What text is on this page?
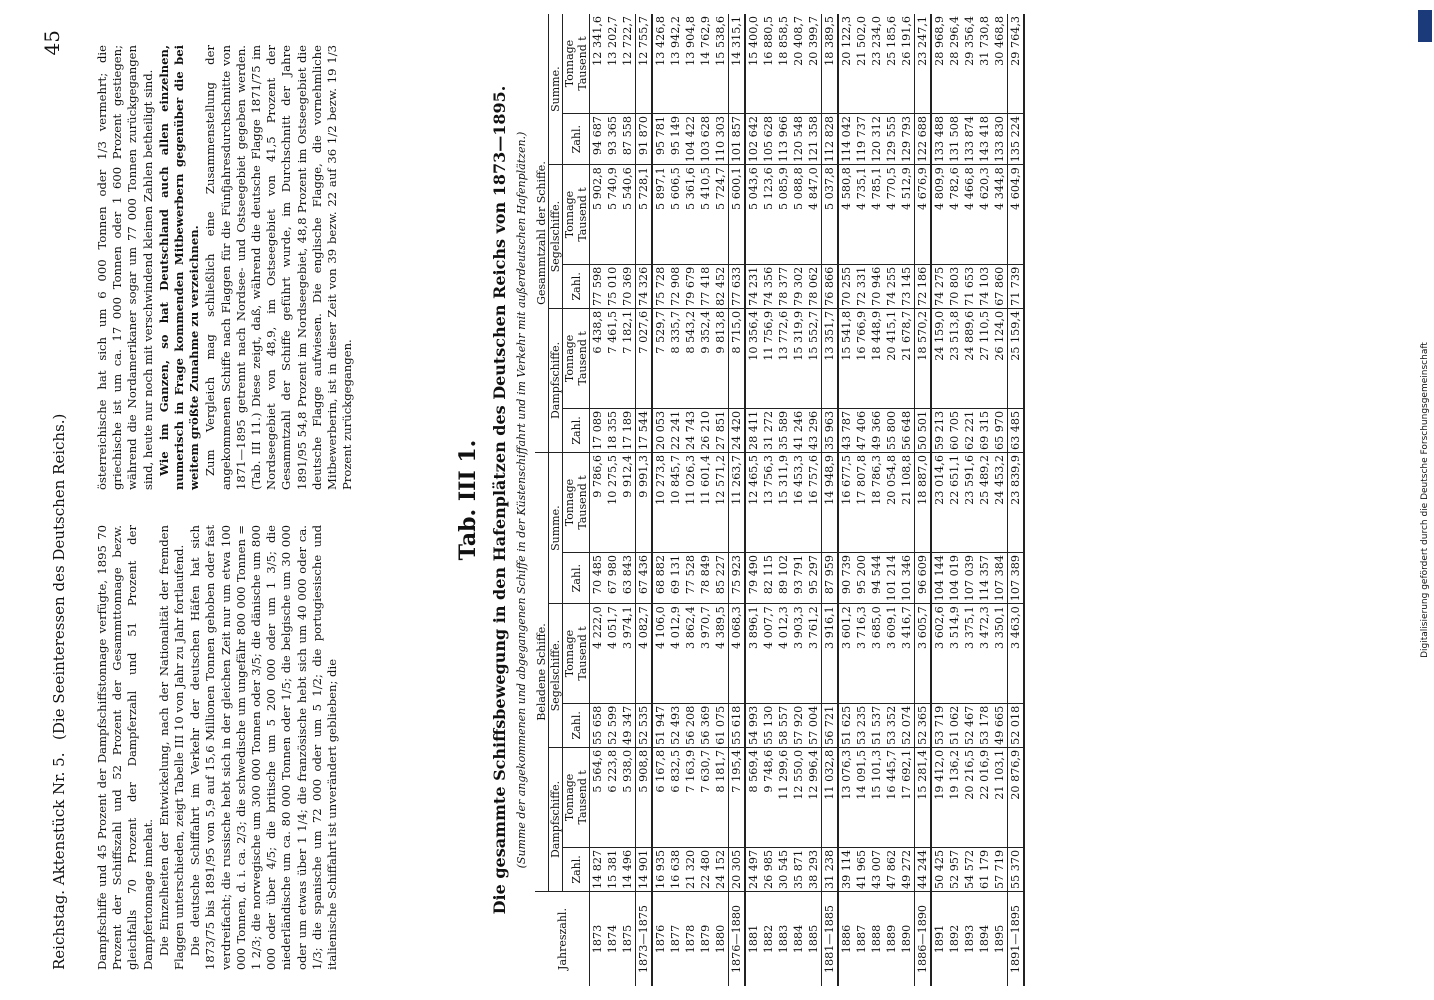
Reichstag. Aktenstück Nr. 5.
(Die Seeinteressen des Deutschen Reichs.)
45

Dampfschiffe und 45 Prozent der Dampfschiffstonnage verfügte, 1895 70 Prozent der Schiffszahl und 52 Prozent der Gesammttonnage bezw. gleichfalls 70 Prozent der Dampferzahl und 51 Prozent der Dampfertonnage innehat. Die Einzelheiten der Entwickelung, nach der Nationalität der fremden Flaggen unterschieden, zeigt Tabelle III 10 von Jahr zu Jahr fortlaufend. Die deutsche Schiffahrt im Verkehr der deutschen Häfen hat sich 1873/75 bis 1891/95 von 5,9 auf 15,6 Millionen Tonnen gehoben oder fast verdreifacht; die russische hebt sich in der gleichen Zeit nur um etwa 100 000 Tonnen, d. i. ca. 2/3; die schwedische um ungefähr 800 000 Tonnen = 1 2/3; die norwegische um 300 000 Tonnen oder 3/5; die dänische um 800 000 oder über 4/5; die britische um 5 200 000 oder um 1 3/5; die niederländische um ca. 80 000 Tonnen oder 1/5; die belgische um 30 000 oder um etwas über 1 1/4; die französische hebt sich um 40 000 oder ca. 1/3; die spanische um 72 000 oder um 5 1/2; die portugiesische und italienische Schiffahrt ist unverändert geblieben; die

österreichische hat sich um 6 000 Tonnen oder 1/3 vermehrt; die griechische ist um ca. 17 000 Tonnen oder 1 600 Prozent gestiegen; während die Nordamerikaner sogar um 77 000 Tonnen zurückgegangen sind, heute nur noch mit verschwindend kleinen Zahlen betheiligt sind. Wie im Ganzen, so hat Deutschland auch allen einzelnen, numerisch in Frage kommenden Mitbewerbern gegenüber die bei weitem größte Zunahme zu verzeichnen. Zum Vergleich mag schließlich eine Zusammenstellung der angekommenen Schiffe nach Flaggen für die Fünfjahresdurchschnitte von 1871—1895 getrennt nach Nordsee- und Ostseegebiet gegeben werden. (Tab. III 11.) Diese zeigt, daß, während die deutsche Flagge 1871/75 im Nordseegebiet von 48,9, im Ostseegebiet von 41,5 Prozent der Gesammtzahl der Schiffe geführt wurde, im Durchschnitt der Jahre 1891/95 54,8 Prozent im Nordseegebiet, 48,8 Prozent im Ostseegebiet die deutsche Flagge aufwiesen. Die englische Flagge, die vornehmliche Mitbewerberin, ist in dieser Zeit von 39 bezw. 22 auf 36 1/2 bezw. 19 1/3 Prozent zurückgegangen.

Tab. III 1. Die gesammte Schiffsbewegung in den Hafenplätzen des Deutschen Reichs von 1873—1895. (Summe der angekommenen und abgegangenen Schiffe in der Küstenschiffahrt und im Verkehr mit außerdeutschen Hafenplätzen.)
Jahreszahl.	Beladene Schiffe.						Gesammtzahl der Schiffe.					
	Dampfschiffe.		Segelschiffe.		Summe.		Dampfschiffe.		Segelschiffe.		Summe.	
	Zahl.	Tonnage Tausend t	Zahl.	Tonnage Tausend t	Zahl.	Tonnage Tausend t	Zahl.	Tonnage Tausend t	Zahl.	Tonnage Tausend t	Zahl.	Tonnage Tausend t
1873	14 827	5 564,6	55 658	4 222,0	70 485	9 786,6	17 089	6 438,8	77 598	5 902,8	94 687	12 341,6
1874	15 381	6 223,8	52 599	4 051,7	67 980	10 275,5	18 355	7 461,5	75 010	5 740,9	93 365	13 202,7
1875	14 496	5 938,0	49 347	3 974,1	63 843	9 912,4	17 189	7 182,1	70 369	5 540,6	87 558	12 722,7
1873—1875	14 901	5 908,8	52 535	4 082,7	67 436	9 991,3	17 544	7 027,6	74 326	5 728,1	91 870	12 755,7
1876	16 935	6 167,8	51 947	4 106,0	68 882	10 273,8	20 053	7 529,7	75 728	5 897,1	95 781	13 426,8
1877	16 638	6 832,5	52 493	4 012,9	69 131	10 845,7	22 241	8 335,7	72 908	5 606,5	95 149	13 942,2
1878	21 320	7 163,9	56 208	3 862,4	77 528	11 026,3	24 743	8 543,2	79 679	5 361,6	104 422	13 904,8
1879	22 480	7 630,7	56 369	3 970,7	78 849	11 601,4	26 210	9 352,4	77 418	5 410,5	103 628	14 762,9
1880	24 152	8 181,7	61 075	4 389,5	85 227	12 571,2	27 851	9 813,8	82 452	5 724,7	110 303	15 538,6
1876—1880	20 305	7 195,4	55 618	4 068,3	75 923	11 263,7	24 420	8 715,0	77 633	5 600,1	101 857	14 315,1
1881	24 497	8 569,4	54 993	3 896,1	79 490	12 465,5	28 411	10 356,4	74 231	5 043,6	102 642	15 400,0
1882	26 985	9 748,6	55 130	4 007,7	82 115	13 756,3	31 272	11 756,9	74 356	5 123,6	105 628	16 880,5
1883	30 545	11 299,6	58 557	4 012,3	89 102	15 311,9	35 589	13 772,6	78 377	5 085,9	113 966	18 858,5
1884	35 871	12 550,0	57 920	3 903,3	93 791	16 453,3	41 246	15 319,9	79 302	5 088,8	120 548	20 408,7
1885	38 293	12 996,4	57 004	3 761,2	95 297	16 757,6	43 296	15 552,7	78 062	4 847,0	121 358	20 399,7
1881—1885	31 238	11 032,8	56 721	3 916,1	87 959	14 948,9	35 963	13 351,7	76 866	5 037,8	112 828	18 389,5
1886	39 114	13 076,3	51 625	3 601,2	90 739	16 677,5	43 787	15 541,8	70 255	4 580,8	114 042	20 122,3
1887	41 965	14 091,5	53 235	3 716,3	95 200	17 807,8	47 406	16 766,9	72 331	4 735,1	119 737	21 502,0
1888	43 007	15 101,3	51 537	3 685,0	94 544	18 786,3	49 366	18 448,9	70 946	4 785,1	120 312	23 234,0
1889	47 862	16 445,7	53 352	3 609,1	101 214	20 054,8	55 800	20 415,1	74 255	4 770,5	129 555	25 185,6
1890	49 272	17 692,1	52 074	3 416,7	101 346	21 108,8	56 648	21 678,7	73 145	4 512,9	129 793	26 191,6
1886—1890	44 244	15 281,4	52 365	3 605,7	96 609	18 887,0	50 501	18 570,2	72 186	4 676,9	122 688	23 247,1
1891	50 425	19 412,0	53 719	3 602,6	104 144	23 014,6	59 213	24 159,0	74 275	4 809,9	133 488	28 968,9
1892	52 957	19 136,2	51 062	3 514,9	104 019	22 651,1	60 705	23 513,8	70 803	4 782,6	131 508	28 296,4
1893	54 572	20 216,5	52 467	3 375,1	107 039	23 591,6	62 221	24 889,6	71 653	4 466,8	133 874	29 356,4
1894	61 179	22 016,9	53 178	3 472,3	114 357	25 489,2	69 315	27 110,5	74 103	4 620,3	143 418	31 730,8
1895	57 719	21 103,1	49 665	3 350,1	107 384	24 453,2	65 970	26 124,0	67 860	4 344,8	133 830	30 468,8
1891—1895	55 370	20 876,9	52 018	3 463,0	107 389	23 839,9	63 485	25 159,4	71 739	4 604,9	135 224	29 764,3
Digitalisierung gefördert durch die Deutsche Forschungsgemeinschaft
